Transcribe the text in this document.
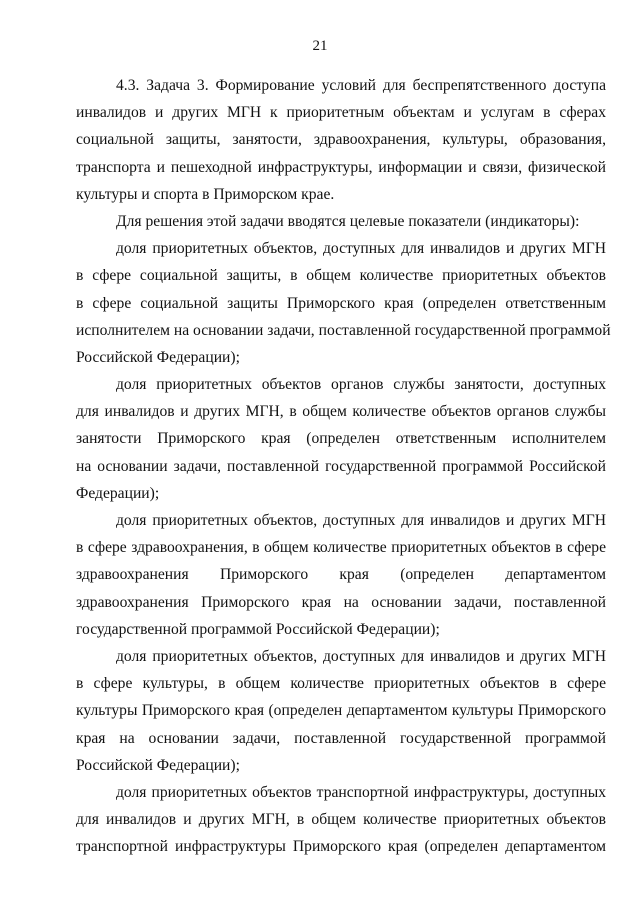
21
4.3. Задача 3. Формирование условий для беспрепятственного доступа
инвалидов и других МГН к приоритетным объектам и услугам в сферах
социальной защиты, занятости, здравоохранения, культуры, образования,
транспорта и пешеходной инфраструктуры, информации и связи, физической
культуры и спорта в Приморском крае.
Для решения этой задачи вводятся целевые показатели (индикаторы):
доля приоритетных объектов, доступных для инвалидов и других МГН
в сфере социальной защиты, в общем количестве приоритетных объектов
в сфере социальной защиты Приморского края (определен ответственным
исполнителем на основании задачи, поставленной государственной программой
Российской Федерации);
доля приоритетных объектов органов службы занятости, доступных
для инвалидов и других МГН, в общем количестве объектов органов службы
занятости Приморского края (определен ответственным исполнителем
на основании задачи, поставленной государственной программой Российской
Федерации);
доля приоритетных объектов, доступных для инвалидов и других МГН
в сфере здравоохранения, в общем количестве приоритетных объектов в сфере
здравоохранения Приморского края (определен департаментом
здравоохранения Приморского края на основании задачи, поставленной
государственной программой Российской Федерации);
доля приоритетных объектов, доступных для инвалидов и других МГН
в сфере культуры, в общем количестве приоритетных объектов в сфере
культуры Приморского края (определен департаментом культуры Приморского
края на основании задачи, поставленной государственной программой
Российской Федерации);
доля приоритетных объектов транспортной инфраструктуры, доступных
для инвалидов и других МГН, в общем количестве приоритетных объектов
транспортной инфраструктуры Приморского края (определен департаментом
